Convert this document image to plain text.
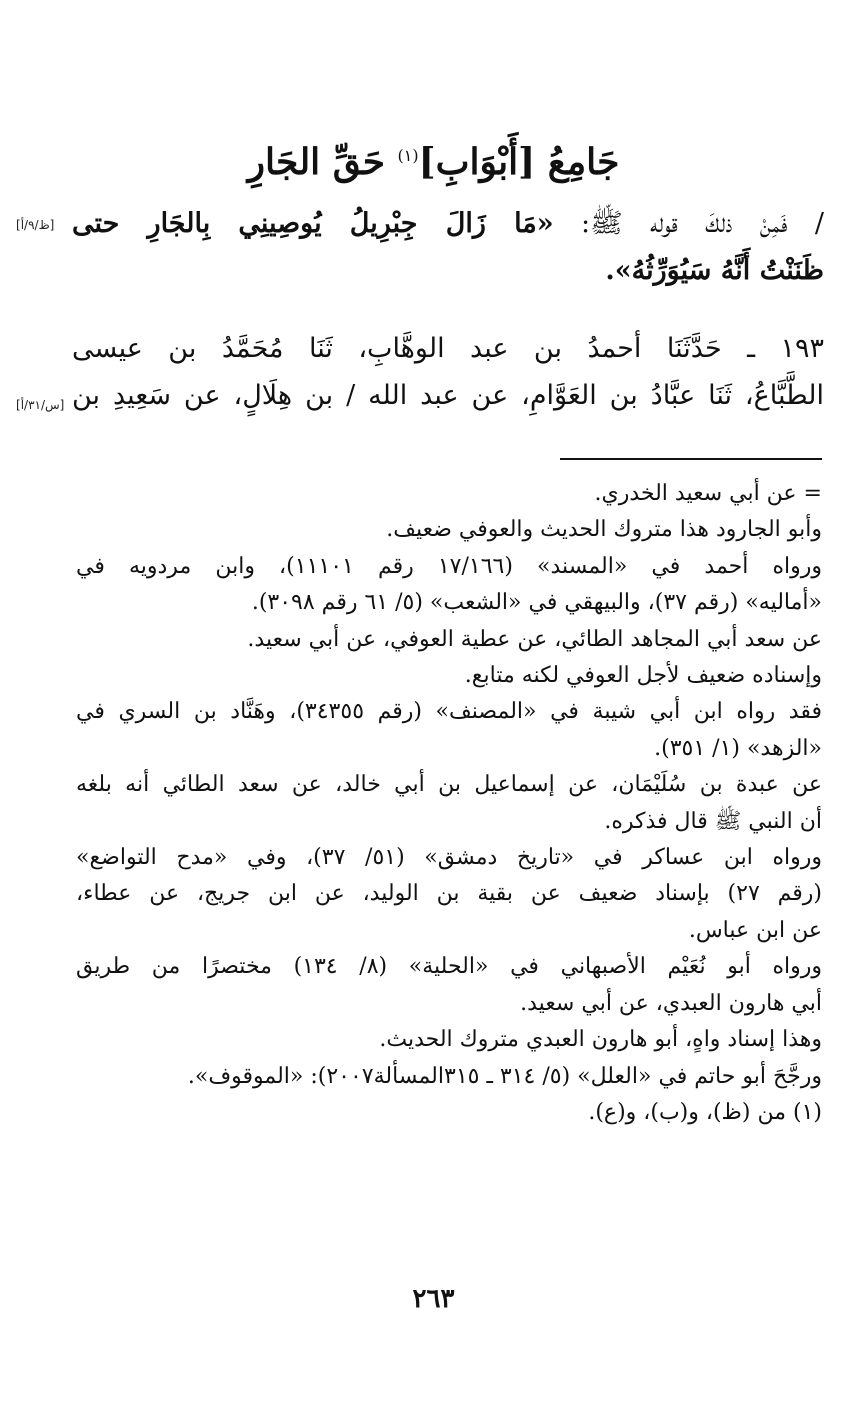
جَامِعُ [أَبْوَابِ]$^{(١)}$ حَقِّ الجَارِ
[ظ/٩/أ]
[س/٣١/أ]

/ فَمِنْ ذلكَ قوله ﷺ: «مَا زَالَ جِبْرِيلُ يُوصِينِي بِالجَارِ حتى

ظَنَنْتُ أَنَّهُ سَيُوَرِّثُهُ».

١٩٣ ـ حَدَّثَنَا أحمدُ بن عبد الوهَّابِ، ثَنَا مُحَمَّدُ بن عيسى

الطَّبَّاعُ، ثَنَا عبَّادُ بن العَوَّامِ، عن عبد الله / بن هِلَالٍ، عن سَعِيدِ بن

= عن أبي سعيد الخدري.
وأبو الجارود هذا متروك الحديث والعوفي ضعيف.
ورواه أحمد في «المسند» (١٧/١٦٦ رقم ١١١٠١)، وابن مردويه في
«أماليه» (رقم ٣٧)، والبيهقي في «الشعب» (٥/ ٦١ رقم ٣٠٩٨).
عن سعد أبي المجاهد الطائي، عن عطية العوفي، عن أبي سعيد.
وإسناده ضعيف لأجل العوفي لكنه متابع.
فقد رواه ابن أبي شيبة في «المصنف» (رقم ٣٤٣٥٥)، وهَنَّاد بن السري في
«الزهد» (١/ ٣٥١).
عن عبدة بن سُلَيْمَان، عن إسماعيل بن أبي خالد، عن سعد الطائي أنه بلغه
أن النبي ﷺ قال فذكره.
ورواه ابن عساكر في «تاريخ دمشق» (٥١/ ٣٧)، وفي «مدح التواضع»
(رقم ٢٧) بإسناد ضعيف عن بقية بن الوليد، عن ابن جريج، عن عطاء،
عن ابن عباس.
ورواه أبو نُعَيْم الأصبهاني في «الحلية» (٨/ ١٣٤) مختصرًا من طريق
أبي هارون العبدي، عن أبي سعيد.
وهذا إسناد واهٍ، أبو هارون العبدي متروك الحديث.
ورجَّحَ أبو حاتم في «العلل» (٥/ ٣١٤ ـ ٣١٥المسألة٢٠٠٧): «الموقوف».
(١) من (ظ)، و(ب)، و(ع).
٢٦٣
